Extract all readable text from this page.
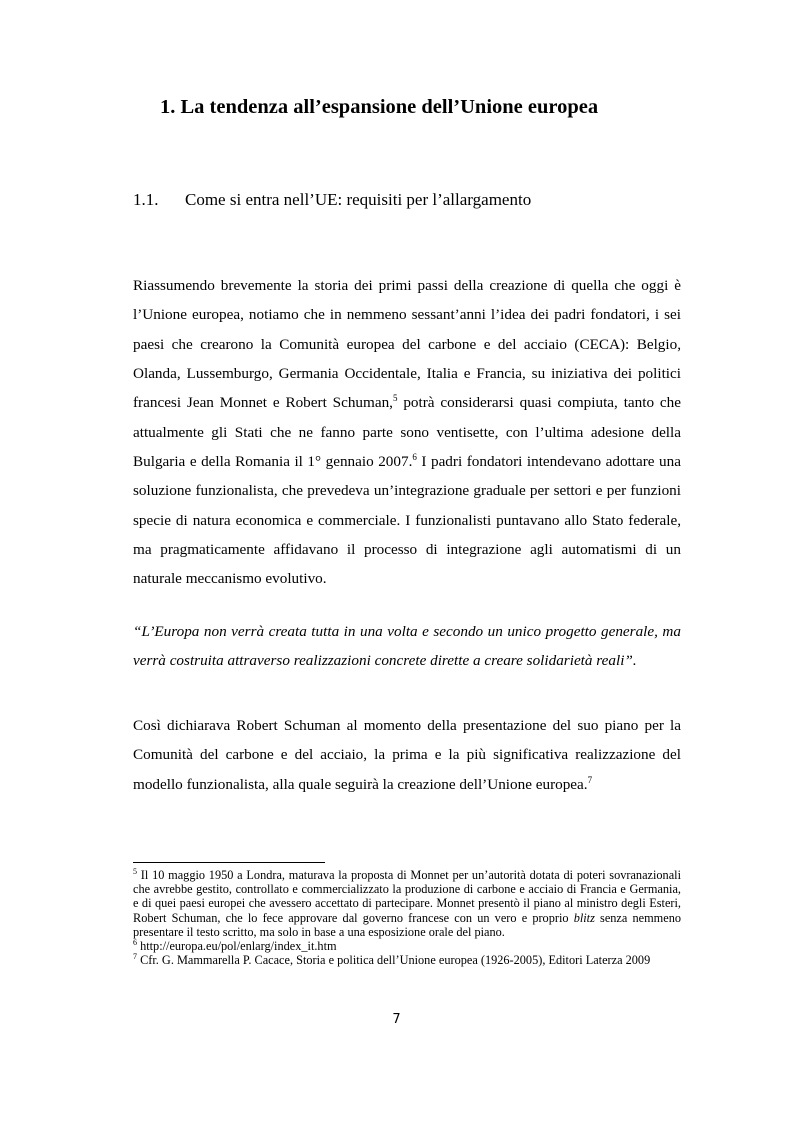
1. La tendenza all’espansione dell’Unione europea
1.1. Come si entra nell’UE: requisiti per l’allargamento

Riassumendo brevemente la storia dei primi passi della creazione di quella che oggi è l’Unione europea, notiamo che in nemmeno sessant’anni l’idea dei padri fondatori, i sei paesi che crearono la Comunità europea del carbone e del acciaio (CECA): Belgio, Olanda, Lussemburgo, Germania Occidentale, Italia e Francia, su iniziativa dei politici francesi Jean Monnet e Robert Schuman,$^5$ potrà considerarsi quasi compiuta, tanto che attualmente gli Stati che ne fanno parte sono ventisette, con l’ultima adesione della Bulgaria e della Romania il 1° gennaio 2007.$^6$ I padri fondatori intendevano adottare una soluzione funzionalista, che prevedeva un’integrazione graduale per settori e per funzioni specie di natura economica e commerciale. I funzionalisti puntavano allo Stato federale, ma pragmaticamente affidavano il processo di integrazione agli automatismi di un naturale meccanismo evolutivo.

“L’Europa non verrà creata tutta in una volta e secondo un unico progetto generale, ma verrà costruita attraverso realizzazioni concrete dirette a creare solidarietà reali”.

Così dichiarava Robert Schuman al momento della presentazione del suo piano per la Comunità del carbone e del acciaio, la prima e la più significativa realizzazione del modello funzionalista, alla quale seguirà la creazione dell’Unione europea.$^7$

$^5$ Il 10 maggio 1950 a Londra, maturava la proposta di Monnet per un’autorità dotata di poteri sovranazionali che avrebbe gestito, controllato e commercializzato la produzione di carbone e acciaio di Francia e Germania, e di quei paesi europei che avessero accettato di partecipare. Monnet presentò il piano al ministro degli Esteri, Robert Schuman, che lo fece approvare dal governo francese con un vero e proprio blitz senza nemmeno presentare il testo scritto, ma solo in base a una esposizione orale del piano.

$^6$ http://europa.eu/pol/enlarg/index_it.htm

$^7$ Cfr. G. Mammarella P. Cacace, Storia e politica dell’Unione europea (1926-2005), Editori Laterza 2009

7
